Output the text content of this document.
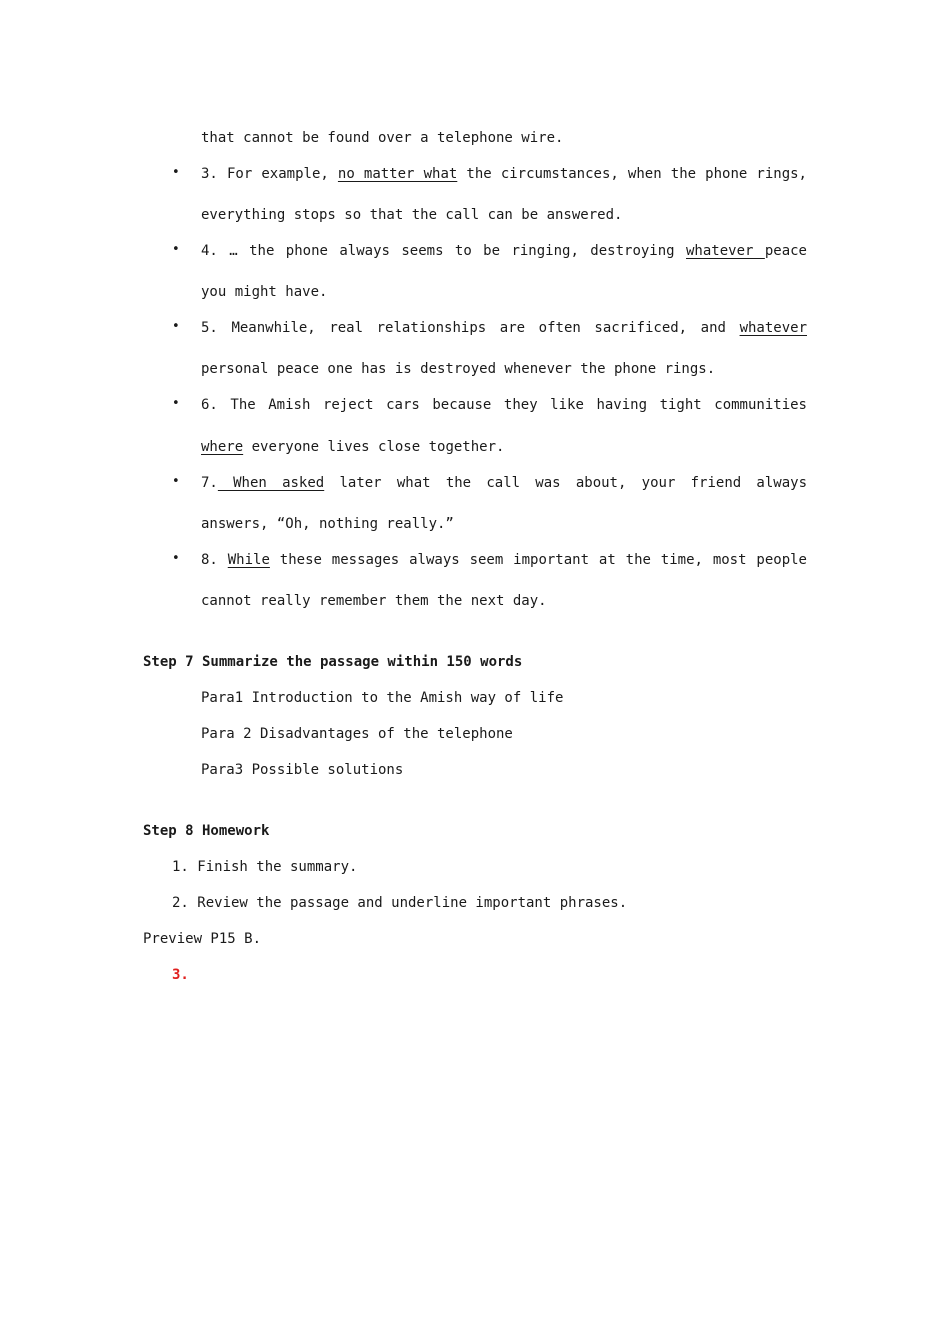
that cannot be found over a telephone wire.
• 3. For example, no matter what the circumstances, when the phone rings,
everything stops so that the call can be answered.
• 4. … the phone always seems to be ringing, destroying whatever peace
you might have.
• 5. Meanwhile, real relationships are often sacrificed, and whatever
personal peace one has is destroyed whenever the phone rings.
• 6. The Amish reject cars because they like having tight communities
where everyone lives close together.
• 7. When asked later what the call was about, your friend always
answers, “Oh, nothing really.”
• 8. While these messages always seem important at the time, most people
cannot really remember them the next day.
Step 7 Summarize the passage within 150 words
Para1 Introduction to the Amish way of life
Para 2 Disadvantages of the telephone
Para3 Possible solutions
Step 8 Homework
1. Finish the summary.
2. Review the passage and underline important phrases.
Preview P15 B.
3.
